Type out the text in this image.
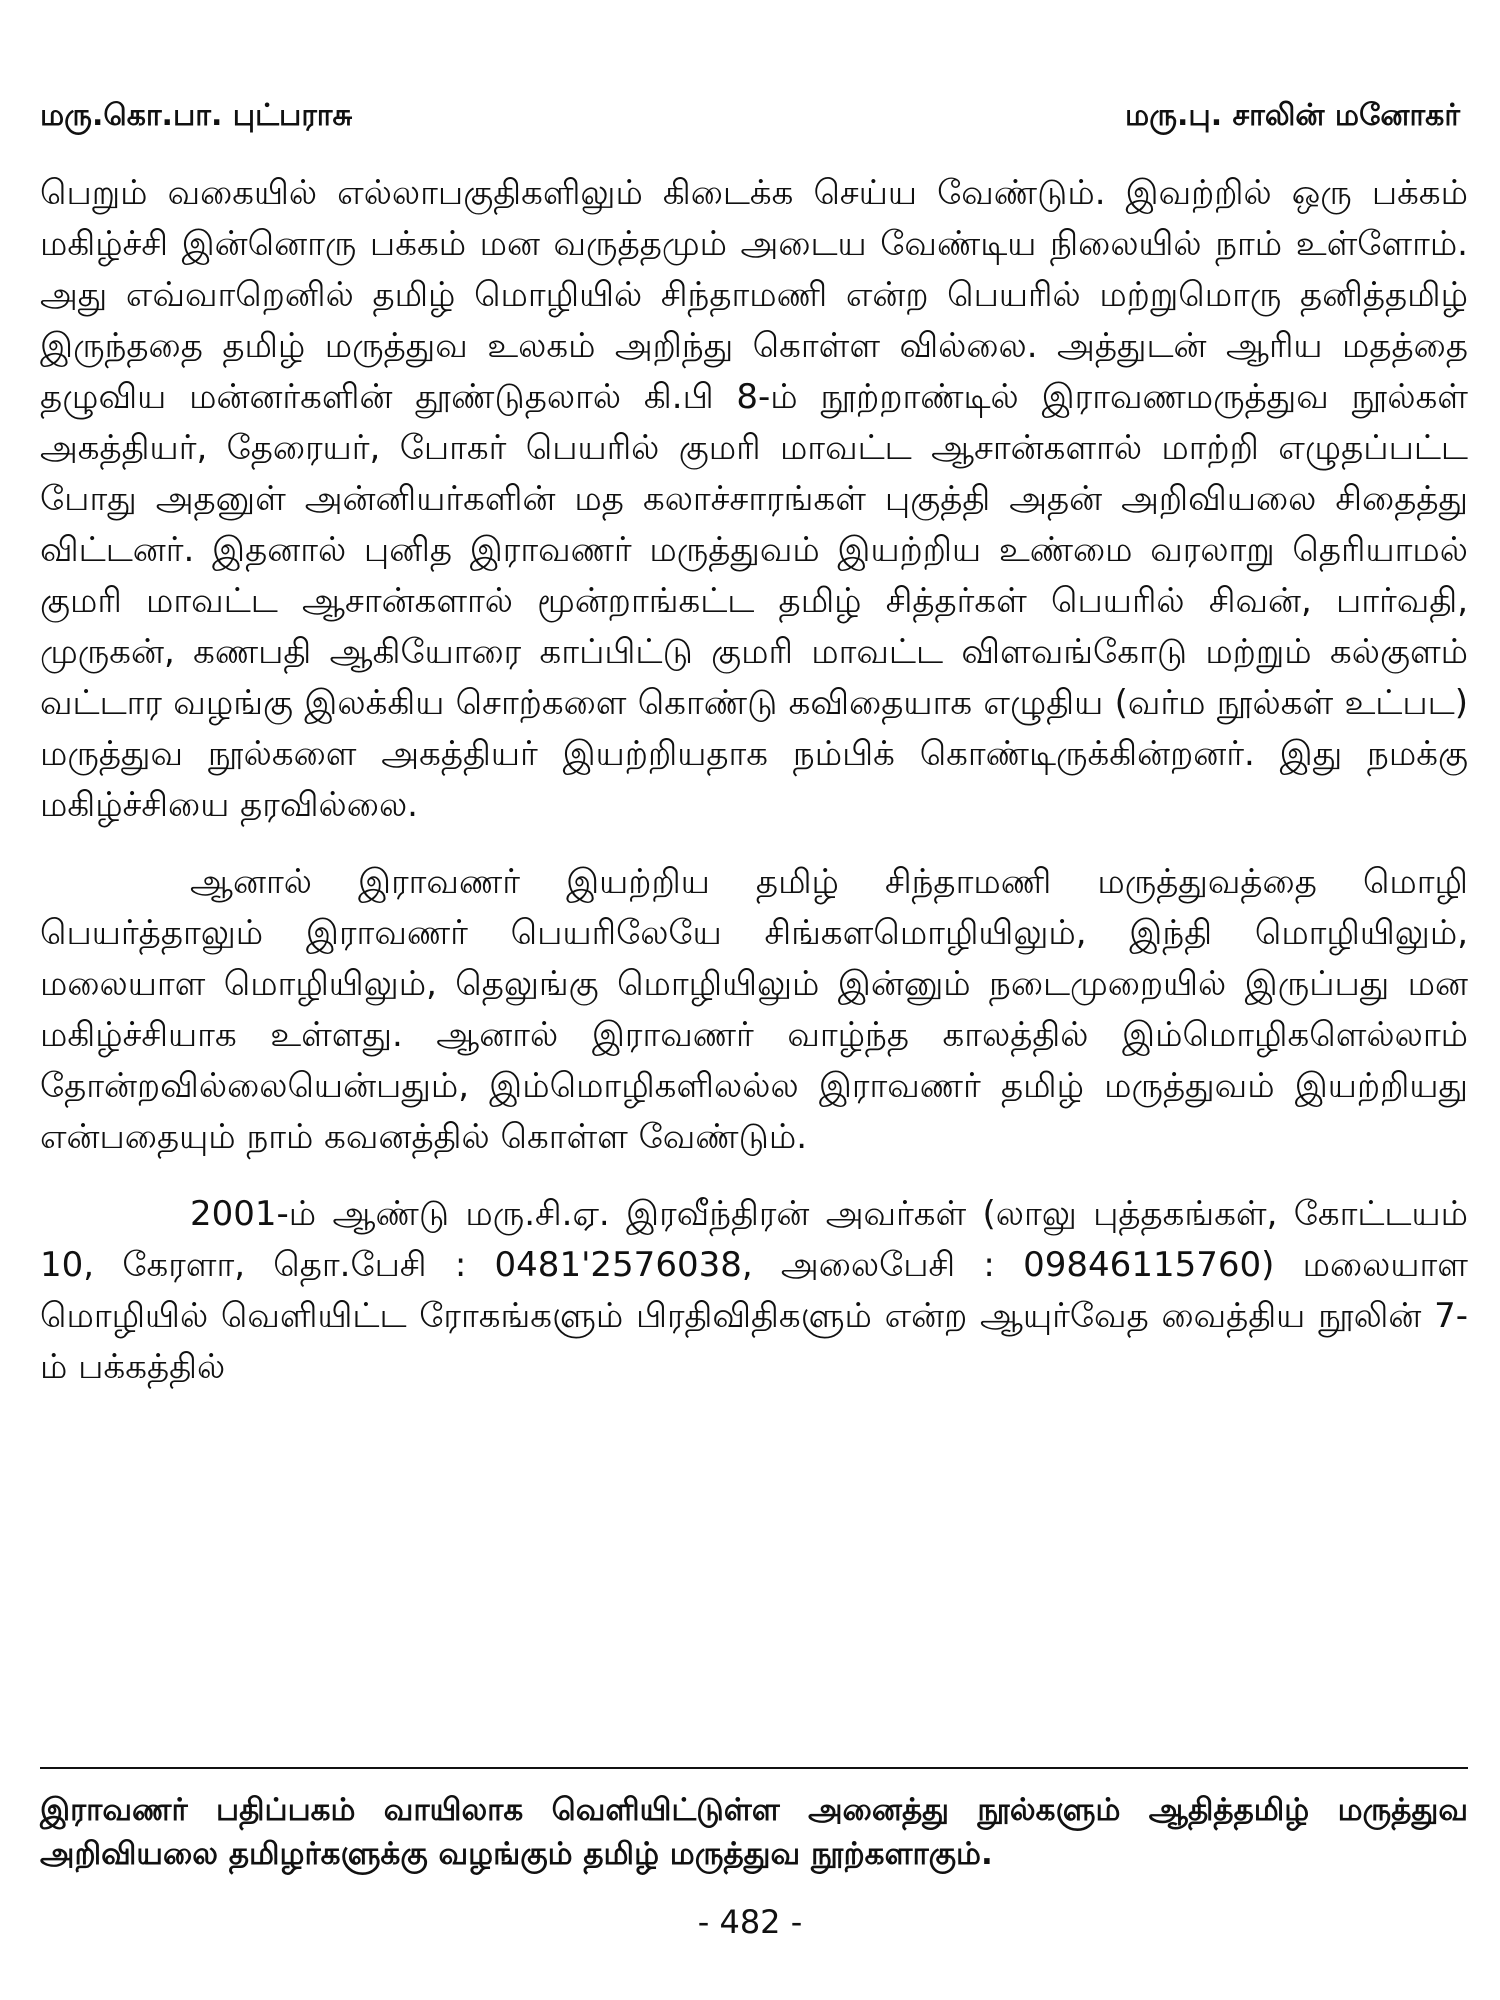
மரு.கொ.பா. புட்பராசு	மரு.பு. சாலின் மனோகர்

பெறும் வகையில் எல்லாபகுதிகளிலும் கிடைக்க செய்ய வேண்டும். இவற்றில் ஒரு பக்கம் மகிழ்ச்சி இன்னொரு பக்கம் மன வருத்தமும் அடைய வேண்டிய நிலையில் நாம் உள்ளோம். அது எவ்வாறெனில் தமிழ் மொழியில் சிந்தாமணி என்ற பெயரில் மற்றுமொரு தனித்தமிழ் இருந்ததை தமிழ் மருத்துவ உலகம் அறிந்து கொள்ள வில்லை. அத்துடன் ஆரிய மதத்தை தழுவிய மன்னர்களின் தூண்டுதலால் கி.பி 8-ம் நூற்றாண்டில் இராவணமருத்துவ நூல்கள் அகத்தியர், தேரையர், போகர் பெயரில் குமரி மாவட்ட ஆசான்களால் மாற்றி எழுதப்பட்ட போது அதனுள் அன்னியர்களின் மத கலாச்சாரங்கள் புகுத்தி அதன் அறிவியலை சிதைத்து விட்டனர். இதனால் புனித இராவணர் மருத்துவம் இயற்றிய உண்மை வரலாறு தெரியாமல் குமரி மாவட்ட ஆசான்களால் மூன்றாங்கட்ட தமிழ் சித்தர்கள் பெயரில் சிவன், பார்வதி, முருகன், கணபதி ஆகியோரை காப்பிட்டு குமரி மாவட்ட விளவங்கோடு மற்றும் கல்குளம் வட்டார வழங்கு இலக்கிய சொற்களை கொண்டு கவிதையாக எழுதிய (வர்ம நூல்கள் உட்பட) மருத்துவ நூல்களை அகத்தியர் இயற்றியதாக நம்பிக் கொண்டிருக்கின்றனர். இது நமக்கு மகிழ்ச்சியை தரவில்லை.

ஆனால் இராவணர் இயற்றிய தமிழ் சிந்தாமணி மருத்துவத்தை மொழி பெயர்த்தாலும் இராவணர் பெயரிலேயே சிங்களமொழியிலும், இந்தி மொழியிலும், மலையாள மொழியிலும், தெலுங்கு மொழியிலும் இன்னும் நடைமுறையில் இருப்பது மன மகிழ்ச்சியாக உள்ளது. ஆனால் இராவணர் வாழ்ந்த காலத்தில் இம்மொழிகளெல்லாம் தோன்றவில்லையென்பதும், இம்மொழிகளிலல்ல இராவணர் தமிழ் மருத்துவம் இயற்றியது என்பதையும் நாம் கவனத்தில் கொள்ள வேண்டும்.

2001-ம் ஆண்டு மரு.சி.ஏ. இரவீந்திரன் அவர்கள் (லாலு புத்தகங்கள், கோட்டயம் 10, கேரளா, தொ.பேசி : 0481'2576038, அலைபேசி : 09846115760) மலையாள மொழியில் வெளியிட்ட ரோகங்களும் பிரதிவிதிகளும் என்ற ஆயுர்வேத வைத்திய நூலின் 7-ம் பக்கத்தில்

இராவணர் பதிப்பகம் வாயிலாக வெளியிட்டுள்ள அனைத்து நூல்களும் ஆதித்தமிழ் மருத்துவ அறிவியலை தமிழர்களுக்கு வழங்கும் தமிழ் மருத்துவ நூற்களாகும்.
- 482 -
